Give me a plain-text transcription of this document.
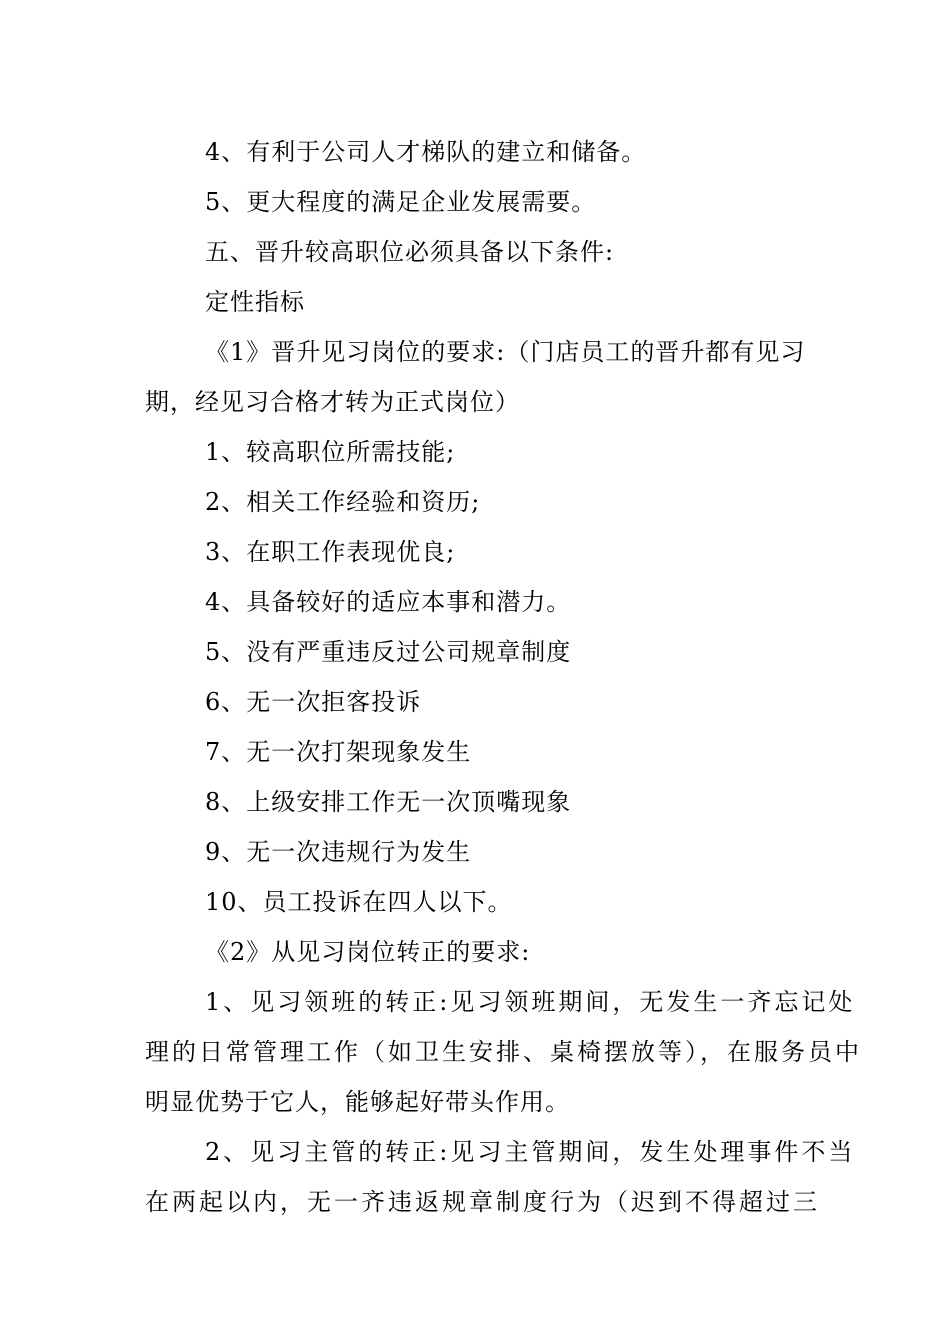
4、有利于公司人才梯队的建立和储备。
5、更大程度的满足企业发展需要。
五、晋升较高职位必须具备以下条件:
定性指标
《1》晋升见习岗位的要求:（门店员工的晋升都有见习
期，经见习合格才转为正式岗位）
1、较高职位所需技能;
2、相关工作经验和资历;
3、在职工作表现优良;
4、具备较好的适应本事和潜力。
5、没有严重违反过公司规章制度
6、无一次拒客投诉
7、无一次打架现象发生
8、上级安排工作无一次顶嘴现象
9、无一次违规行为发生
10、员工投诉在四人以下。
《2》从见习岗位转正的要求:
1、见习领班的转正:见习领班期间，无发生一齐忘记处
理的日常管理工作（如卫生安排、桌椅摆放等），在服务员中
明显优势于它人，能够起好带头作用。
2、见习主管的转正:见习主管期间，发生处理事件不当
在两起以内，无一齐违返规章制度行为（迟到不得超过三
